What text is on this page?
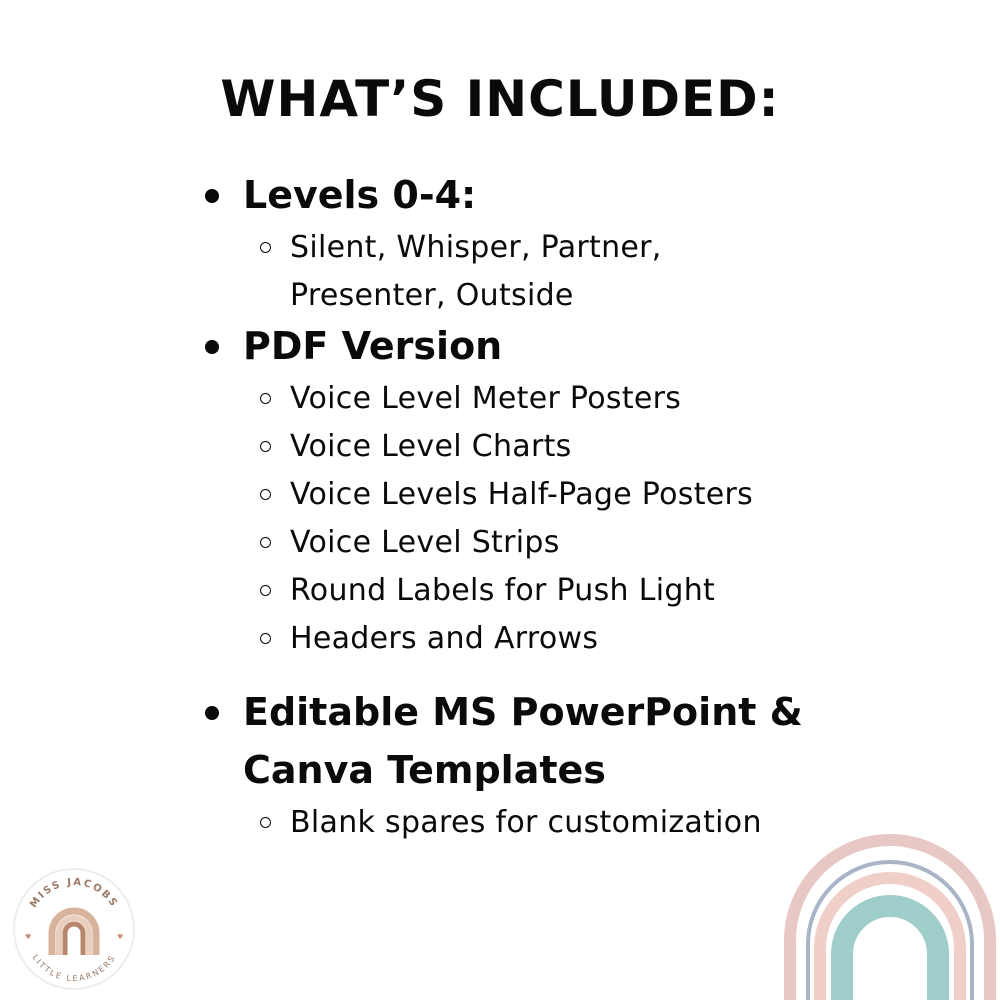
WHAT’S INCLUDED:
Levels 0-4:
Silent, Whisper, Partner,
Presenter, Outside
PDF Version
Voice Level Meter Posters
Voice Level Charts
Voice Levels Half-Page Posters
Voice Level Strips
Round Labels for Push Light
Headers and Arrows
Editable MS PowerPoint &
Canva Templates
Blank spares for customization
MISS JACOBS
LITTLE LEARNERS
♥	♥
